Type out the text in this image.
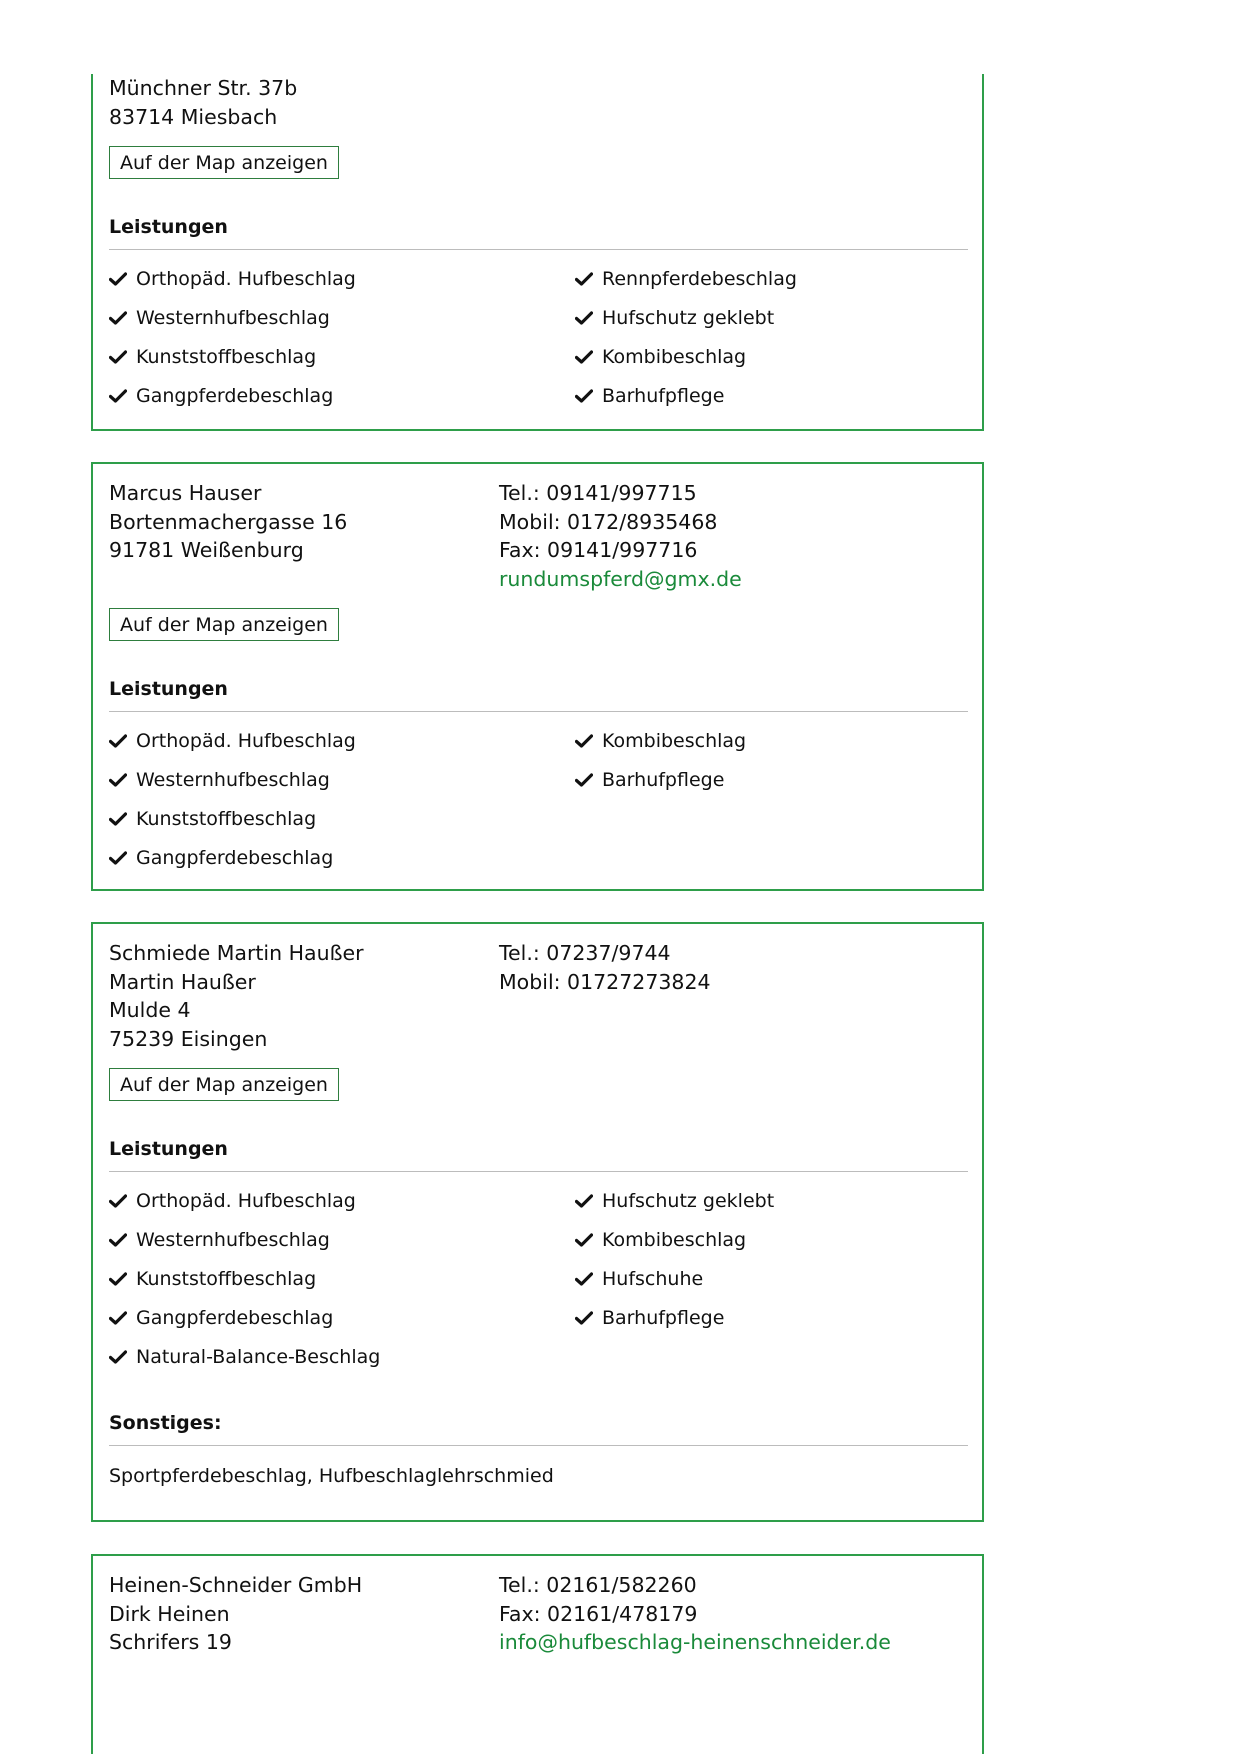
Münchner Str. 37b
83714 Miesbach
Auf der Map anzeigen
Leistungen
Orthopäd. Hufbeschlag
Westernhufbeschlag
Kunststoffbeschlag
Gangpferdebeschlag
Rennpferdebeschlag
Hufschutz geklebt
Kombibeschlag
Barhufpflege
Marcus Hauser
Bortenmachergasse 16
91781 Weißenburg
Tel.: 09141/997715
Mobil: 0172/8935468
Fax: 09141/997716
rundumspferd@gmx.de
Auf der Map anzeigen
Leistungen
Orthopäd. Hufbeschlag
Westernhufbeschlag
Kunststoffbeschlag
Gangpferdebeschlag
Kombibeschlag
Barhufpflege
Schmiede Martin Haußer
Martin Haußer
Mulde 4
75239 Eisingen
Tel.: 07237/9744
Mobil: 01727273824
Auf der Map anzeigen
Leistungen
Orthopäd. Hufbeschlag
Westernhufbeschlag
Kunststoffbeschlag
Gangpferdebeschlag
Natural-Balance-Beschlag
Hufschutz geklebt
Kombibeschlag
Hufschuhe
Barhufpflege
Sonstiges:
Sportpferdebeschlag, Hufbeschlaglehrschmied
Heinen-Schneider GmbH
Dirk Heinen
Schrifers 19
Tel.: 02161/582260
Fax: 02161/478179
info@hufbeschlag-heinenschneider.de
